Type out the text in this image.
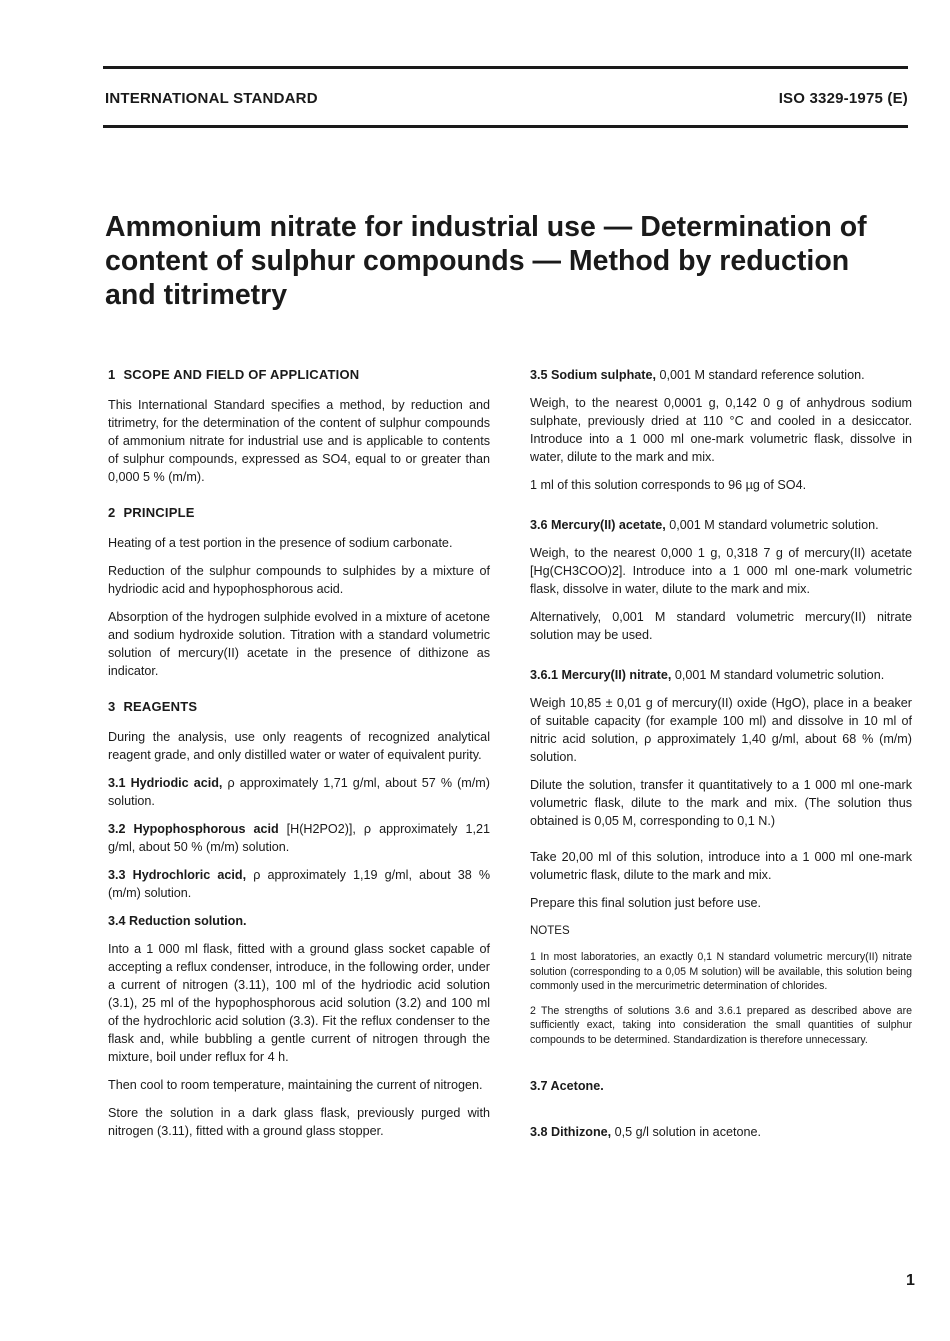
INTERNATIONAL STANDARD	ISO 3329-1975 (E)
Ammonium nitrate for industrial use — Determination of content of sulphur compounds — Method by reduction and titrimetry
1 SCOPE AND FIELD OF APPLICATION

This International Standard specifies a method, by reduction and titrimetry, for the determination of the content of sulphur compounds of ammonium nitrate for industrial use and is applicable to contents of sulphur compounds, expressed as SO4, equal to or greater than 0,000 5 % (m/m).

2 PRINCIPLE

Heating of a test portion in the presence of sodium carbonate.

Reduction of the sulphur compounds to sulphides by a mixture of hydriodic acid and hypophosphorous acid.

Absorption of the hydrogen sulphide evolved in a mixture of acetone and sodium hydroxide solution. Titration with a standard volumetric solution of mercury(II) acetate in the presence of dithizone as indicator.

3 REAGENTS

During the analysis, use only reagents of recognized analytical reagent grade, and only distilled water or water of equivalent purity.

3.1 Hydriodic acid, ρ approximately 1,71 g/ml, about 57 % (m/m) solution.

3.2 Hypophosphorous acid [H(H2PO2)], ρ approximately 1,21 g/ml, about 50 % (m/m) solution.

3.3 Hydrochloric acid, ρ approximately 1,19 g/ml, about 38 % (m/m) solution.

3.4 Reduction solution.

Into a 1 000 ml flask, fitted with a ground glass socket capable of accepting a reflux condenser, introduce, in the following order, under a current of nitrogen (3.11), 100 ml of the hydriodic acid solution (3.1), 25 ml of the hypophosphorous acid solution (3.2) and 100 ml of the hydrochloric acid solution (3.3). Fit the reflux condenser to the flask and, while bubbling a gentle current of nitrogen through the mixture, boil under reflux for 4 h.

Then cool to room temperature, maintaining the current of nitrogen.

Store the solution in a dark glass flask, previously purged with nitrogen (3.11), fitted with a ground glass stopper.

3.5 Sodium sulphate, 0,001 M standard reference solution.

Weigh, to the nearest 0,0001 g, 0,142 0 g of anhydrous sodium sulphate, previously dried at 110 °C and cooled in a desiccator. Introduce into a 1 000 ml one-mark volumetric flask, dissolve in water, dilute to the mark and mix.

1 ml of this solution corresponds to 96 µg of SO4.

3.6 Mercury(II) acetate, 0,001 M standard volumetric solution.

Weigh, to the nearest 0,000 1 g, 0,318 7 g of mercury(II) acetate [Hg(CH3COO)2]. Introduce into a 1 000 ml one-mark volumetric flask, dissolve in water, dilute to the mark and mix.

Alternatively, 0,001 M standard volumetric mercury(II) nitrate solution may be used.

3.6.1 Mercury(II) nitrate, 0,001 M standard volumetric solution.

Weigh 10,85 ± 0,01 g of mercury(II) oxide (HgO), place in a beaker of suitable capacity (for example 100 ml) and dissolve in 10 ml of nitric acid solution, ρ approximately 1,40 g/ml, about 68 % (m/m) solution.

Dilute the solution, transfer it quantitatively to a 1 000 ml one-mark volumetric flask, dilute to the mark and mix. (The solution thus obtained is 0,05 M, corresponding to 0,1 N.)

Take 20,00 ml of this solution, introduce into a 1 000 ml one-mark volumetric flask, dilute to the mark and mix.

Prepare this final solution just before use.

NOTES

1 In most laboratories, an exactly 0,1 N standard volumetric mercury(II) nitrate solution (corresponding to a 0,05 M solution) will be available, this solution being commonly used in the mercurimetric determination of chlorides.

2 The strengths of solutions 3.6 and 3.6.1 prepared as described above are sufficiently exact, taking into consideration the small quantities of sulphur compounds to be determined. Standardization is therefore unnecessary.

3.7 Acetone.

3.8 Dithizone, 0,5 g/l solution in acetone.

1
